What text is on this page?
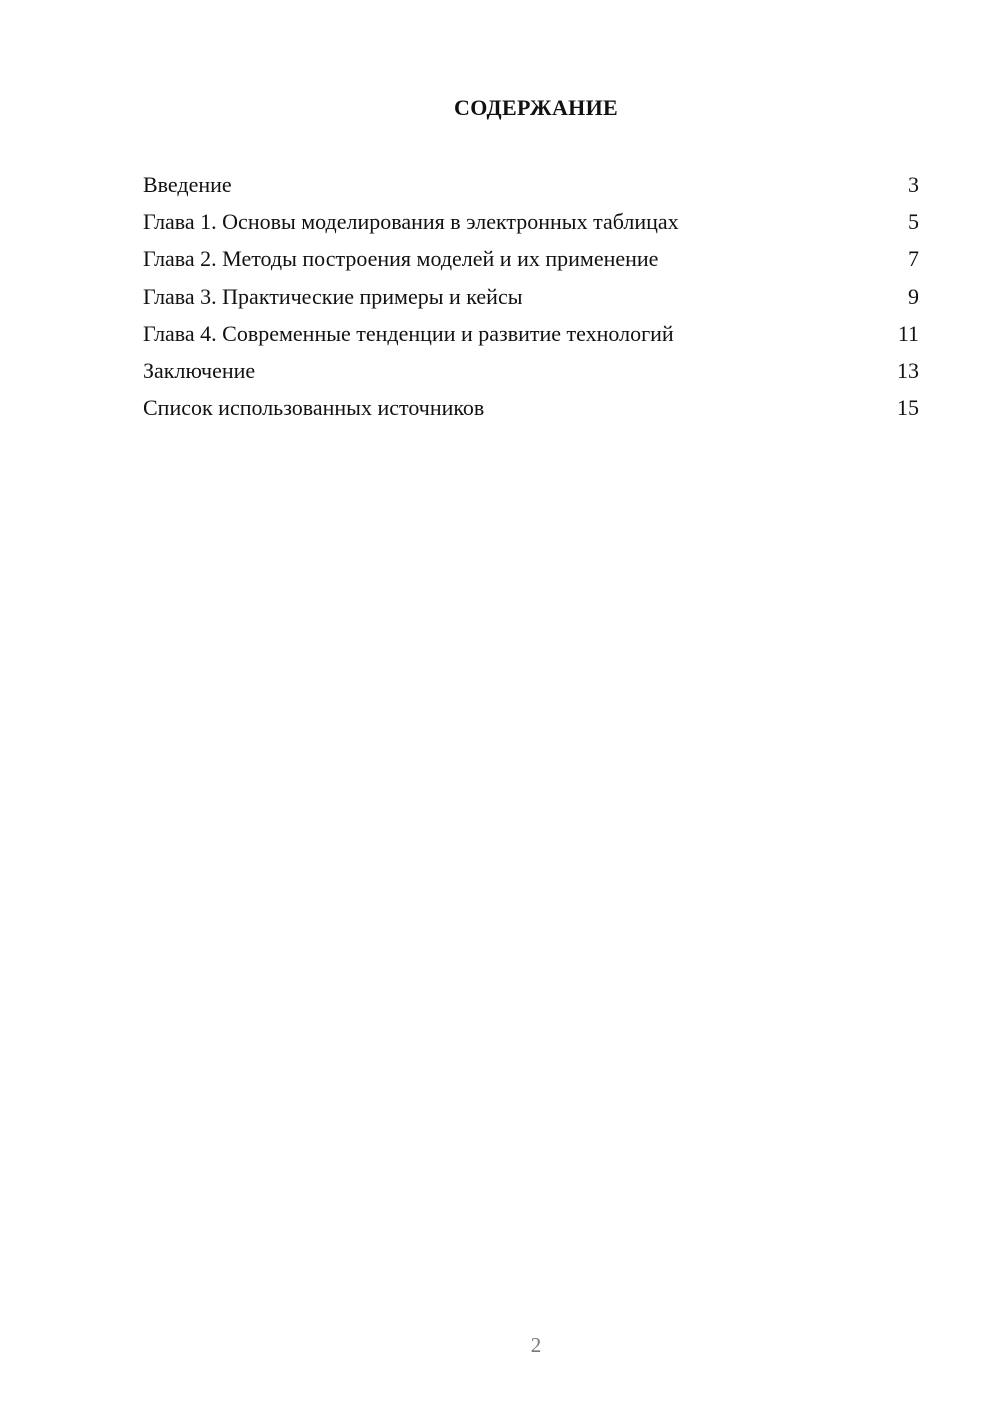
СОДЕРЖАНИЕ
Введение	3
Глава 1. Основы моделирования в электронных таблицах	5
Глава 2. Методы построения моделей и их применение	7
Глава 3. Практические примеры и кейсы	9
Глава 4. Современные тенденции и развитие технологий	11
Заключение	13
Список использованных источников	15
2
